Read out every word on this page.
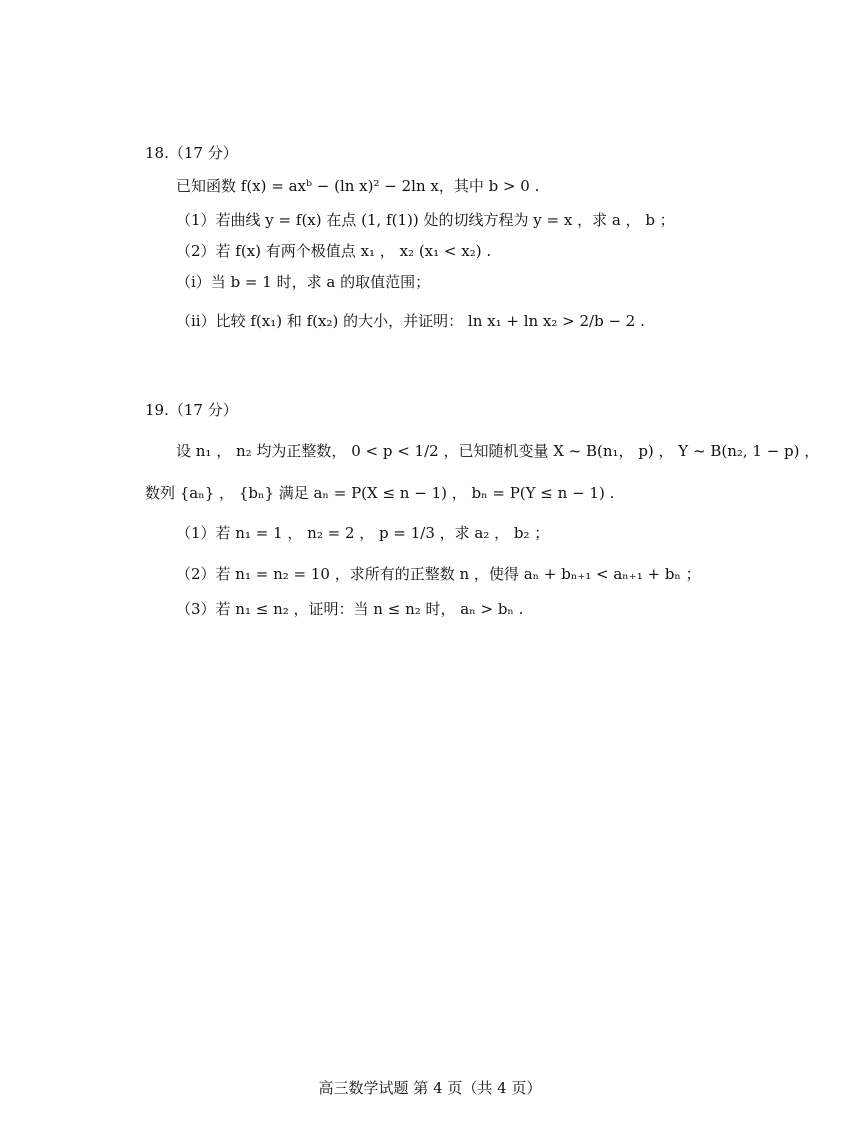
18.（17 分）
已知函数 f(x) = axᵇ − (ln x)² − 2ln x，其中 b > 0 .
（1）若曲线 y = f(x) 在点 (1, f(1)) 处的切线方程为 y = x ，求 a ， b ；
（2）若 f(x) 有两个极值点 x₁ ， x₂ (x₁ < x₂) .
（i）当 b = 1 时，求 a 的取值范围；
（ii）比较 f(x₁) 和 f(x₂) 的大小，并证明： ln x₁ + ln x₂ > 2/b − 2 .
19.（17 分）
设 n₁ ， n₂ 均为正整数， 0 < p < 1/2 ，已知随机变量 X ~ B(n₁， p) ， Y ~ B(n₂, 1 − p) ，
数列 {aₙ} ， {bₙ} 满足 aₙ = P(X ≤ n − 1) ， bₙ = P(Y ≤ n − 1) .
（1）若 n₁ = 1 ， n₂ = 2 ， p = 1/3 ，求 a₂ ， b₂ ；
（2）若 n₁ = n₂ = 10 ，求所有的正整数 n ，使得 aₙ + bₙ₊₁ < aₙ₊₁ + bₙ ；
（3）若 n₁ ≤ n₂ ，证明：当 n ≤ n₂ 时， aₙ > bₙ .
高三数学试题 第 4 页（共 4 页）
